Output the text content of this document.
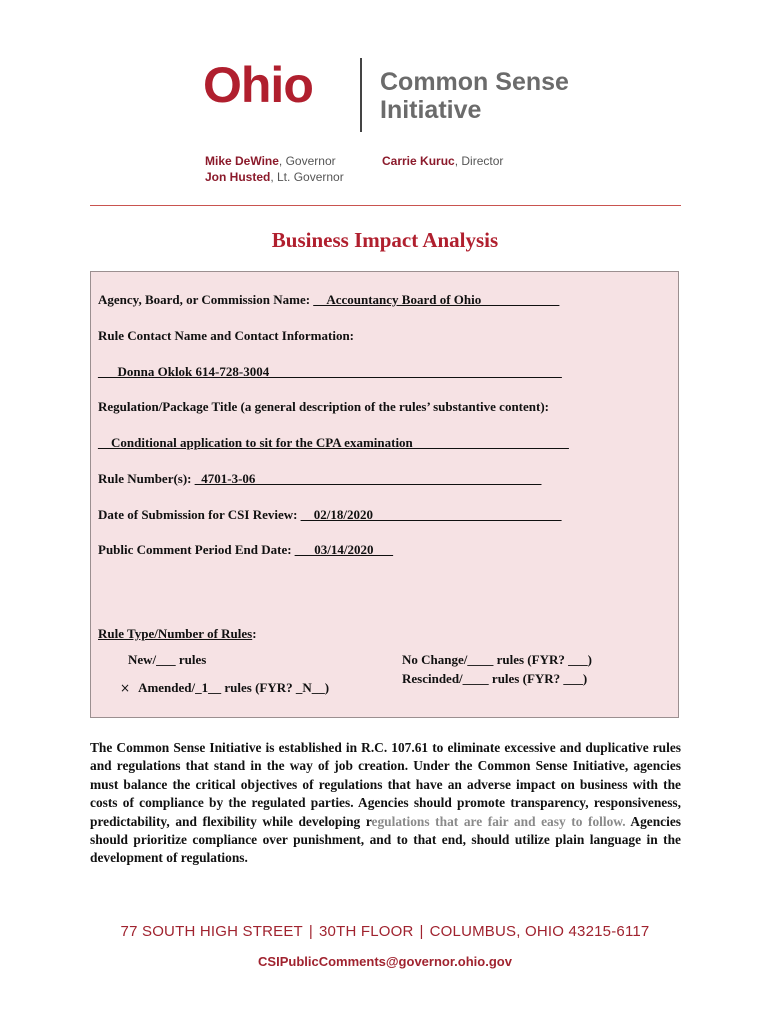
Ohio	Common Sense
Initiative
Mike DeWine, Governor
Jon Husted, Lt. Governor
Carrie Kuruc, Director
Business Impact Analysis
Agency, Board, or Commission Name: __Accountancy Board of Ohio____________
Rule Contact Name and Contact Information:
___Donna Oklok 614-728-3004_____________________________________________
Regulation/Package Title (a general description of the rules’ substantive content):
__Conditional application to sit for the CPA examination________________________
Rule Number(s): _4701-3-06____________________________________________
Date of Submission for CSI Review: __02/18/2020_____________________________
Public Comment Period End Date: ___03/14/2020___
Rule Type/Number of Rules:
New/___ rules
× Amended/_1__ rules (FYR? _N__)
No Change/____ rules (FYR? ___)
Rescinded/____ rules (FYR? ___)
The Common Sense Initiative is established in R.C. 107.61 to eliminate excessive and duplicative rules and regulations that stand in the way of job creation. Under the Common Sense Initiative, agencies must balance the critical objectives of regulations that have an adverse impact on business with the costs of compliance by the regulated parties. Agencies should promote transparency, responsiveness, predictability, and flexibility while developing regulations that are fair and easy to follow. Agencies should prioritize compliance over punishment, and to that end, should utilize plain language in the development of regulations.
77 SOUTH HIGH STREET | 30TH FLOOR | COLUMBUS, OHIO 43215-6117
CSIPublicComments@governor.ohio.gov
